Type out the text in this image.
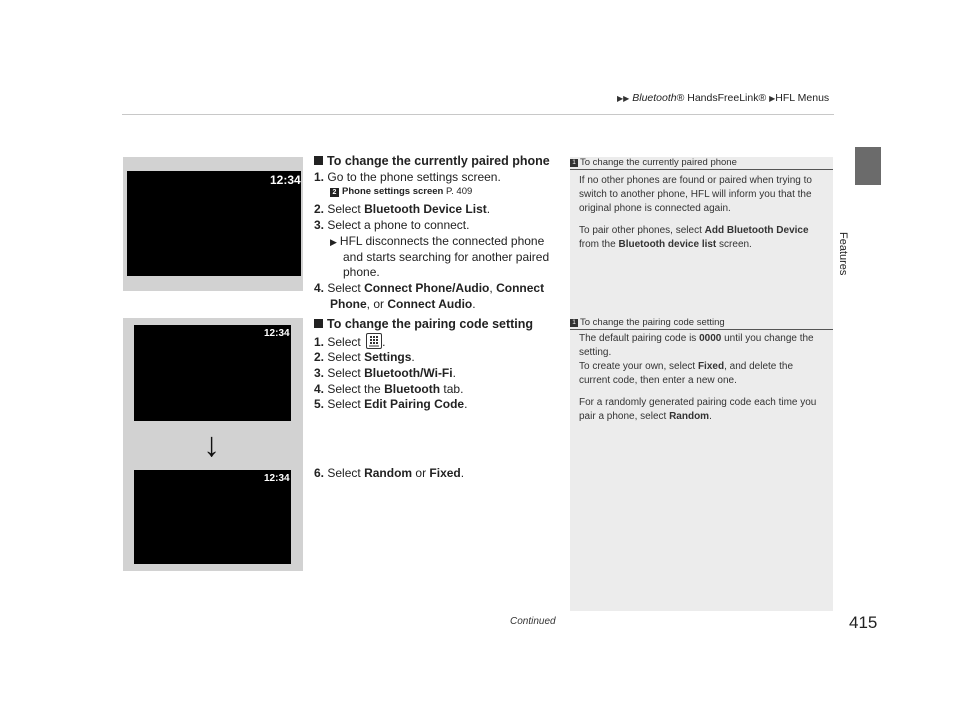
▶▶ Bluetooth® HandsFreeLink® ▶HFL Menus
Features
12:34
12:34
↓
12:34
To change the currently paired phone
1. Go to the phone settings screen.
2 Phone settings screen P. 409
2. Select Bluetooth Device List.
3. Select a phone to connect.
▶ HFL disconnects the connected phone
and starts searching for another paired
phone.
4. Select Connect Phone/Audio, Connect
Phone, or Connect Audio.
To change the pairing code setting
1. Select .
2. Select Settings.
3. Select Bluetooth/Wi-Fi.
4. Select the Bluetooth tab.
5. Select Edit Pairing Code.
6. Select Random or Fixed.
1 To change the currently paired phone
If no other phones are found or paired when trying to
switch to another phone, HFL will inform you that the
original phone is connected again.
To pair other phones, select Add Bluetooth Device
from the Bluetooth device list screen.
1 To change the pairing code setting
The default pairing code is 0000 until you change the
setting.
To create your own, select Fixed, and delete the
current code, then enter a new one.
For a randomly generated pairing code each time you
pair a phone, select Random.
Continued	415
